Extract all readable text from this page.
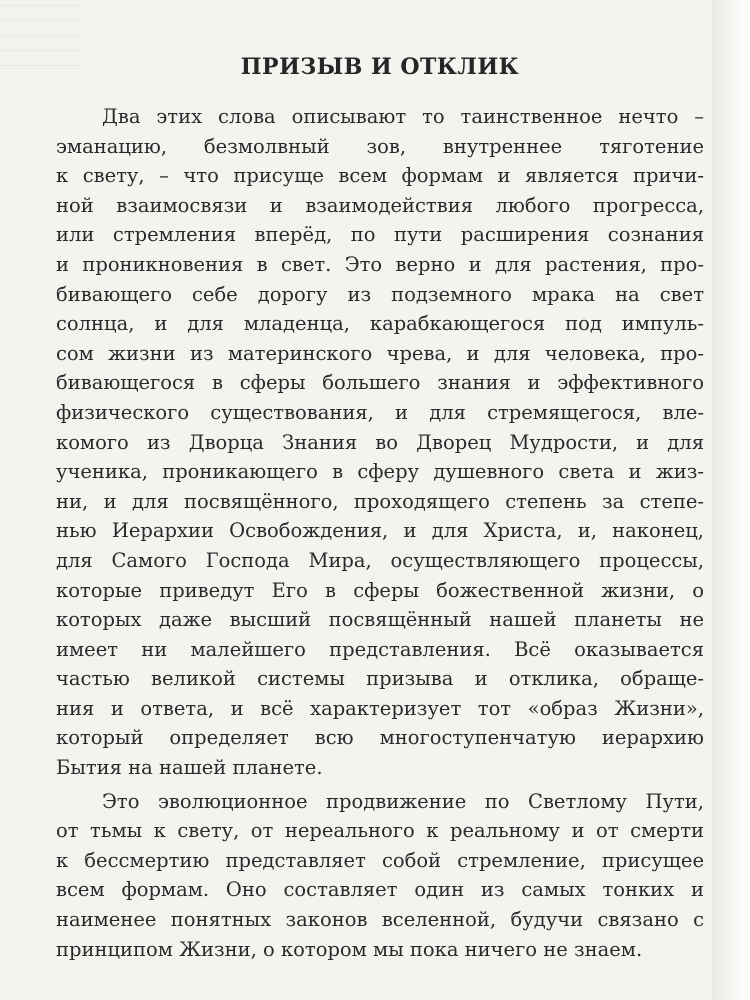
ПРИЗЫВ И ОТКЛИК

Два этих слова описывают то таинственное нечто –
эманацию, безмолвный зов, внутреннее тяготение
к свету, – что присуще всем формам и является причи-
ной взаимосвязи и взаимодействия любого прогресса,
или стремления вперёд, по пути расширения сознания
и проникновения в свет. Это верно и для растения, про-
бивающего себе дорогу из подземного мрака на свет
солнца, и для младенца, карабкающегося под импуль-
сом жизни из материнского чрева, и для человека, про-
бивающегося в сферы большего знания и эффективного
физического существования, и для стремящегося, вле-
комого из Дворца Знания во Дворец Мудрости, и для
ученика, проникающего в сферу душевного света и жиз-
ни, и для посвящённого, проходящего степень за степе-
нью Иерархии Освобождения, и для Христа, и, наконец,
для Самого Господа Мира, осуществляющего процессы,
которые приведут Его в сферы божественной жизни, о
которых даже высший посвящённый нашей планеты не
имеет ни малейшего представления. Всё оказывается
частью великой системы призыва и отклика, обраще-
ния и ответа, и всё характеризует тот «образ Жизни»,
который определяет всю многоступенчатую иерархию
Бытия на нашей планете.

Это эволюционное продвижение по Светлому Пути,
от тьмы к свету, от нереального к реальному и от смерти
к бессмертию представляет собой стремление, присущее
всем формам. Оно составляет один из самых тонких и
наименее понятных законов вселенной, будучи связано с
принципом Жизни, о котором мы пока ничего не знаем.
